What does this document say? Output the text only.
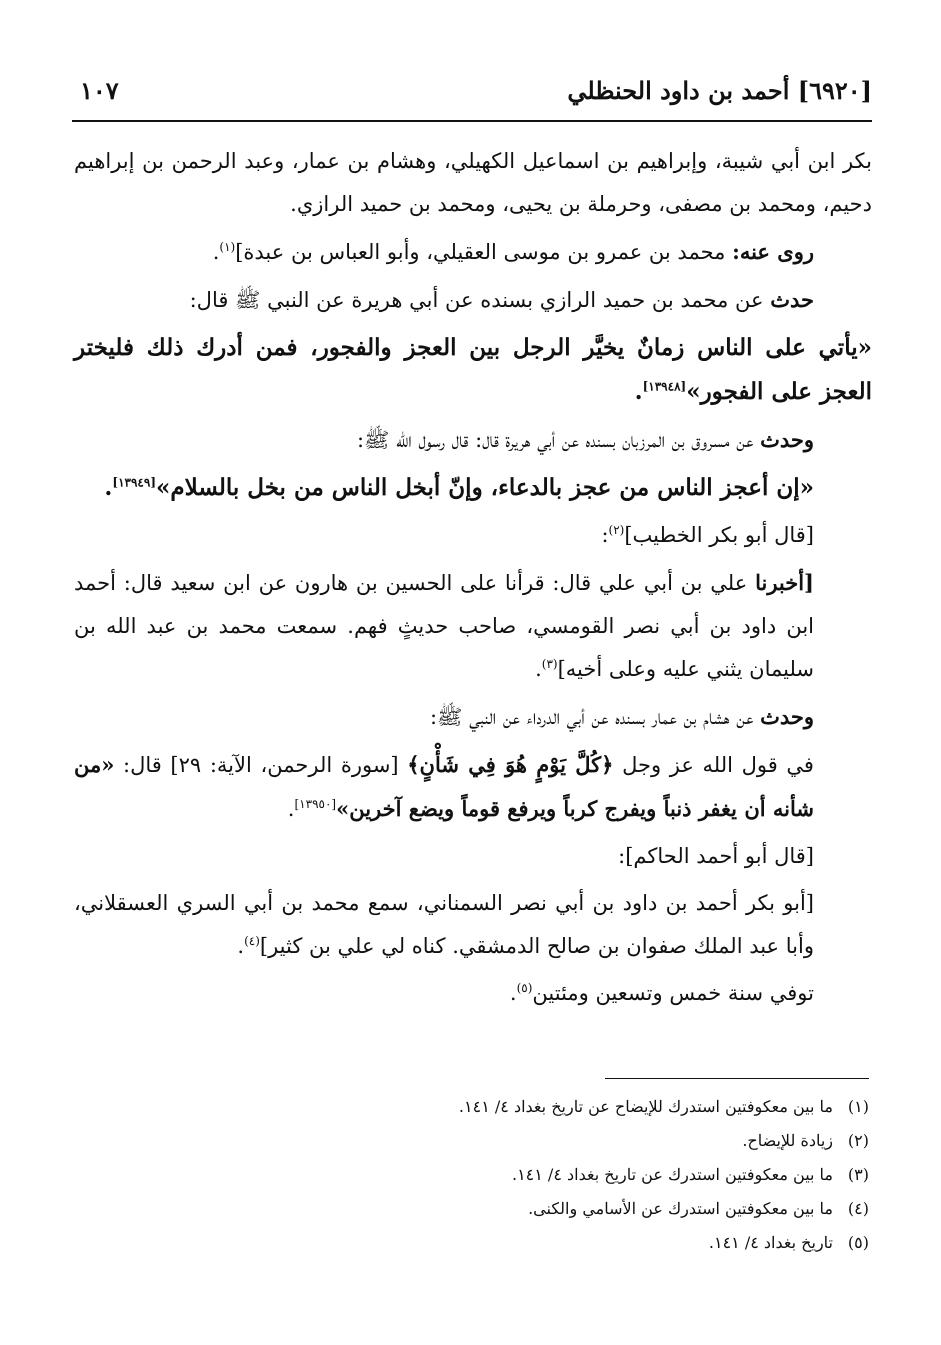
[٦٩٢٠] أحمد بن داود الحنظلي
١٠٧

بكر ابن أبي شيبة، وإبراهيم بن اسماعيل الكهيلي، وهشام بن عمار، وعبد الرحمن بن إبراهيم دحيم، ومحمد بن مصفى، وحرملة بن يحيى، ومحمد بن حميد الرازي.

روى عنه: محمد بن عمرو بن موسى العقيلي، وأبو العباس بن عبدة]$^{(١)}$.

حدث عن محمد بن حميد الرازي بسنده عن أبي هريرة عن النبي ﷺ قال:

«يأتي على الناس زمانٌ يخيَّر الرجل بين العجز والفجور، فمن أدرك ذلك فليختر العجز على الفجور»[١٣٩٤٨].

وحدث عن مسروق بن المرزبان بسنده عن أبي هريرة قال: قال رسول الله ﷺ:

«إن أعجز الناس من عجز بالدعاء، وإنّ أبخل الناس من بخل بالسلام»[١٣٩٤٩].

[قال أبو بكر الخطيب]$^{(٢)}$:

[أخبرنا علي بن أبي علي قال: قرأنا على الحسين بن هارون عن ابن سعيد قال: أحمد ابن داود بن أبي نصر القومسي، صاحب حديثٍ فهم. سمعت محمد بن عبد الله بن سليمان يثني عليه وعلى أخيه]$^{(٣)}$.

وحدث عن هشام بن عمار بسنده عن أبي الدرداء عن النبي ﷺ:

في قول الله عز وجل ﴿كُلَّ يَوْمٍ هُوَ فِي شَأْنٍ﴾ [سورة الرحمن، الآية: ٢٩] قال: «من شأنه أن يغفر ذنباً ويفرج كرباً ويرفع قوماً ويضع آخرين»[١٣٩٥٠].

[قال أبو أحمد الحاكم]:

[أبو بكر أحمد بن داود بن أبي نصر السمناني، سمع محمد بن أبي السري العسقلاني، وأبا عبد الملك صفوان بن صالح الدمشقي. كناه لي علي بن كثير]$^{(٤)}$.

توفي سنة خمس وتسعين ومئتين$^{(٥)}$.

(١)ما بين معكوفتين استدرك للإيضاح عن تاريخ بغداد ٤/ ١٤١.
(٢)زيادة للإيضاح.
(٣)ما بين معكوفتين استدرك عن تاريخ بغداد ٤/ ١٤١.
(٤)ما بين معكوفتين استدرك عن الأسامي والكنى.
(٥)تاريخ بغداد ٤/ ١٤١.
